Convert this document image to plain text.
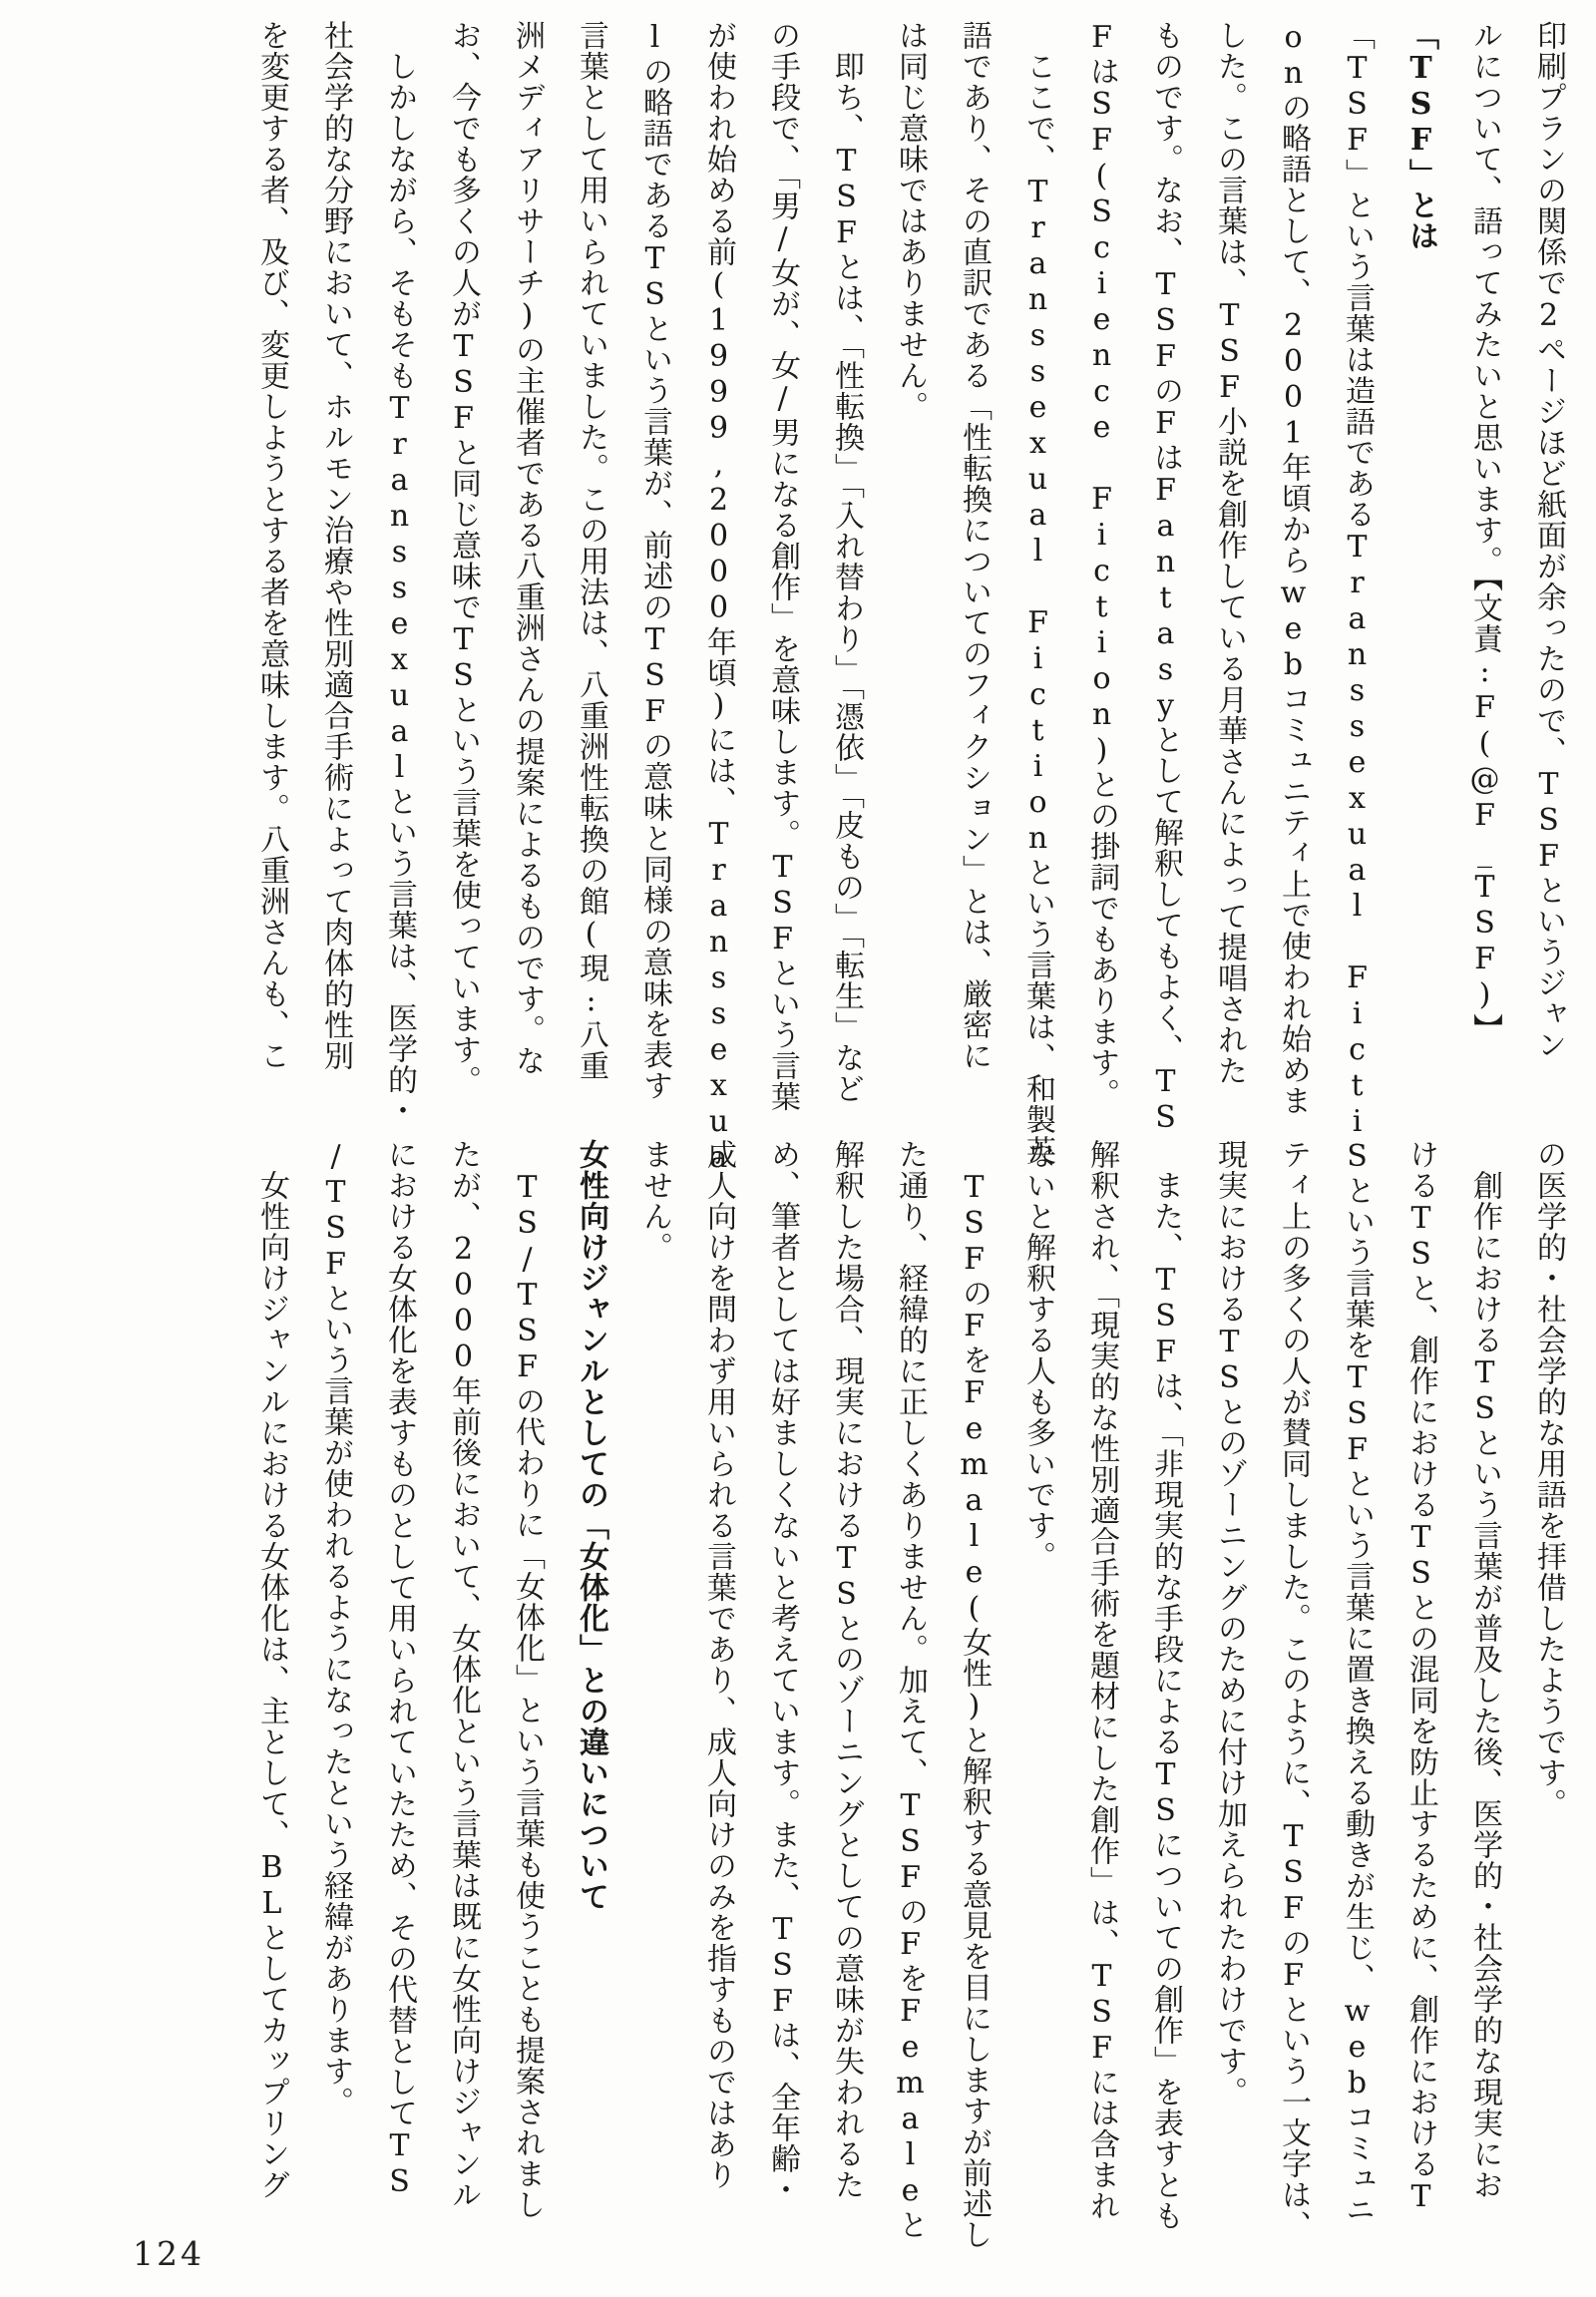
印刷プランの関係で2ページほど紙面が余ったので、TSFというジャン
ルについて、語ってみたいと思います。【文責:F(@F_TSF)】
「TSF」とは
「TSF」という言葉は造語であるTranssexual Ficti
onの略語として、2001年頃からwebコミュニティ上で使われ始めま
した。この言葉は、TSF小説を創作している月華さんによって提唱された
ものです。なお、TSFのFはFantasyとして解釈してもよく、TS
FはSF(Science Fiction)との掛詞でもあります。
　ここで、Transsexual Fictionという言葉は、和製英
語であり、その直訳である「性転換についてのフィクション」とは、厳密に
は同じ意味ではありません。
　即ち、TSFとは、「性転換」「入れ替わり」「憑依」「皮もの」「転生」など
の手段で、「男/女が、女/男になる創作」を意味します。TSFという言葉
が使われ始める前(1999,2000年頃)には、Transsexua
lの略語であるTSという言葉が、前述のTSFの意味と同様の意味を表す
言葉として用いられていました。この用法は、八重洲性転換の館(現:八重
洲メディアリサーチ)の主催者である八重洲さんの提案によるものです。な
お、今でも多くの人がTSFと同じ意味でTSという言葉を使っています。
　しかしながら、そもそもTranssexualという言葉は、医学的・
社会学的な分野において、ホルモン治療や性別適合手術によって肉体的性別
を変更する者、及び、変更しようとする者を意味します。八重洲さんも、こ
の医学的・社会学的な用語を拝借したようです。
　創作におけるTSという言葉が普及した後、医学的・社会学的な現実にお
けるTSと、創作におけるTSとの混同を防止するために、創作におけるT
Sという言葉をTSFという言葉に置き換える動きが生じ、webコミュニ
ティ上の多くの人が賛同しました。このように、TSFのFという一文字は、
現実におけるTSとのゾーニングのために付け加えられたわけです。
　また、TSFは、「非現実的な手段によるTSについての創作」を表すとも
解釈され、「現実的な性別適合手術を題材にした創作」は、TSFには含まれ
ないと解釈する人も多いです。
　TSFのFをFemale(女性)と解釈する意見を目にしますが前述し
た通り、経緯的に正しくありません。加えて、TSFのFをFemaleと
解釈した場合、現実におけるTSとのゾーニングとしての意味が失われるた
め、筆者としては好ましくないと考えています。また、TSFは、全年齢・
成人向けを問わず用いられる言葉であり、成人向けのみを指すものではあり
ません。
女性向けジャンルとしての「女体化」との違いについて
　TS/TSFの代わりに「女体化」という言葉も使うことも提案されまし
たが、2000年前後において、女体化という言葉は既に女性向けジャンル
における女体化を表すものとして用いられていたため、その代替としてTS
/TSFという言葉が使われるようになったという経緯があります。
　女性向けジャンルにおける女体化は、主として、BLとしてカップリング
124
